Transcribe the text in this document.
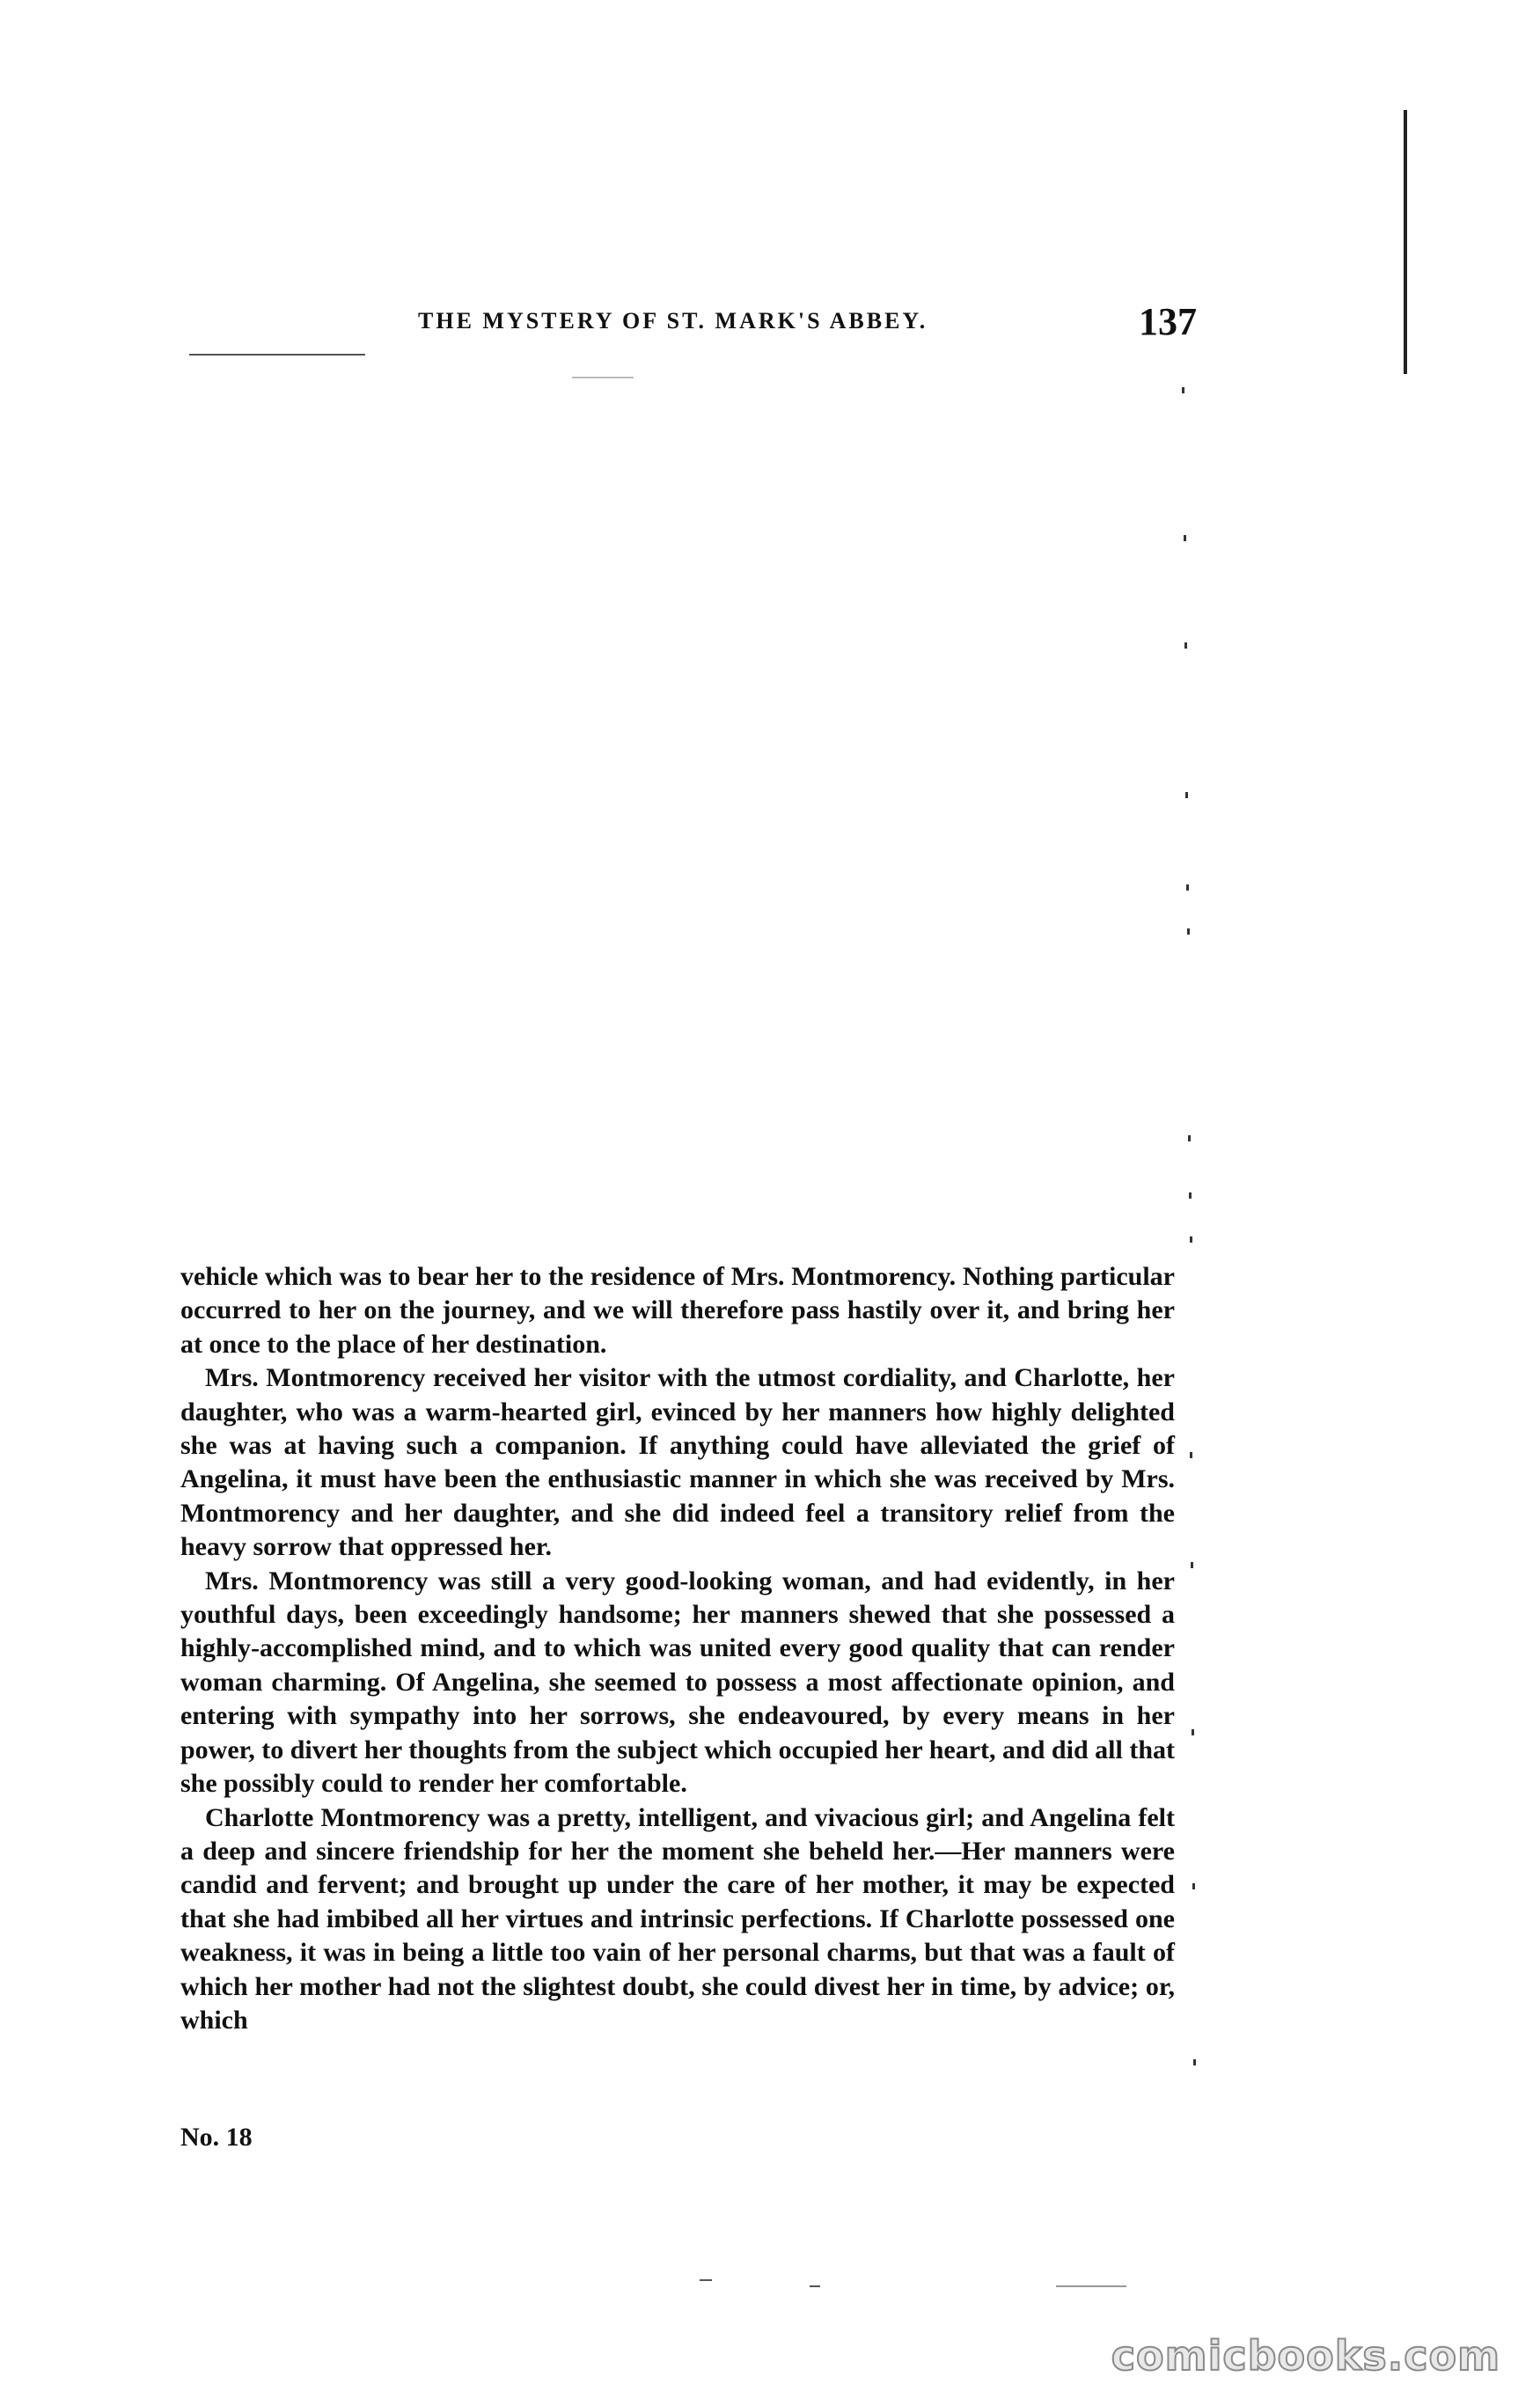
THE MYSTERY OF ST. MARK'S ABBEY.	137

vehicle which was to bear her to the residence of Mrs. Montmorency. Nothing particular occurred to her on the journey, and we will therefore pass hastily over it, and bring her at once to the place of her destination.

Mrs. Montmorency received her visitor with the utmost cordiality, and Charlotte, her daughter, who was a warm-hearted girl, evinced by her manners how highly delighted she was at having such a companion. If anything could have alleviated the grief of Angelina, it must have been the enthusiastic manner in which she was received by Mrs. Montmorency and her daughter, and she did indeed feel a transitory relief from the heavy sorrow that oppressed her.

Mrs. Montmorency was still a very good-looking woman, and had evidently, in her youthful days, been exceedingly handsome; her manners shewed that she possessed a highly-accomplished mind, and to which was united every good quality that can render woman charming. Of Angelina, she seemed to possess a most affectionate opinion, and entering with sympathy into her sorrows, she endeavoured, by every means in her power, to divert her thoughts from the subject which occupied her heart, and did all that she possibly could to render her comfortable.

Charlotte Montmorency was a pretty, intelligent, and vivacious girl; and Angelina felt a deep and sincere friendship for her the moment she beheld her.—Her manners were candid and fervent; and brought up under the care of her mother, it may be expected that she had imbibed all her virtues and intrinsic perfections. If Charlotte possessed one weakness, it was in being a little too vain of her personal charms, but that was a fault of which her mother had not the slightest doubt, she could divest her in time, by advice; or, which

No. 18
comicbooks.com
